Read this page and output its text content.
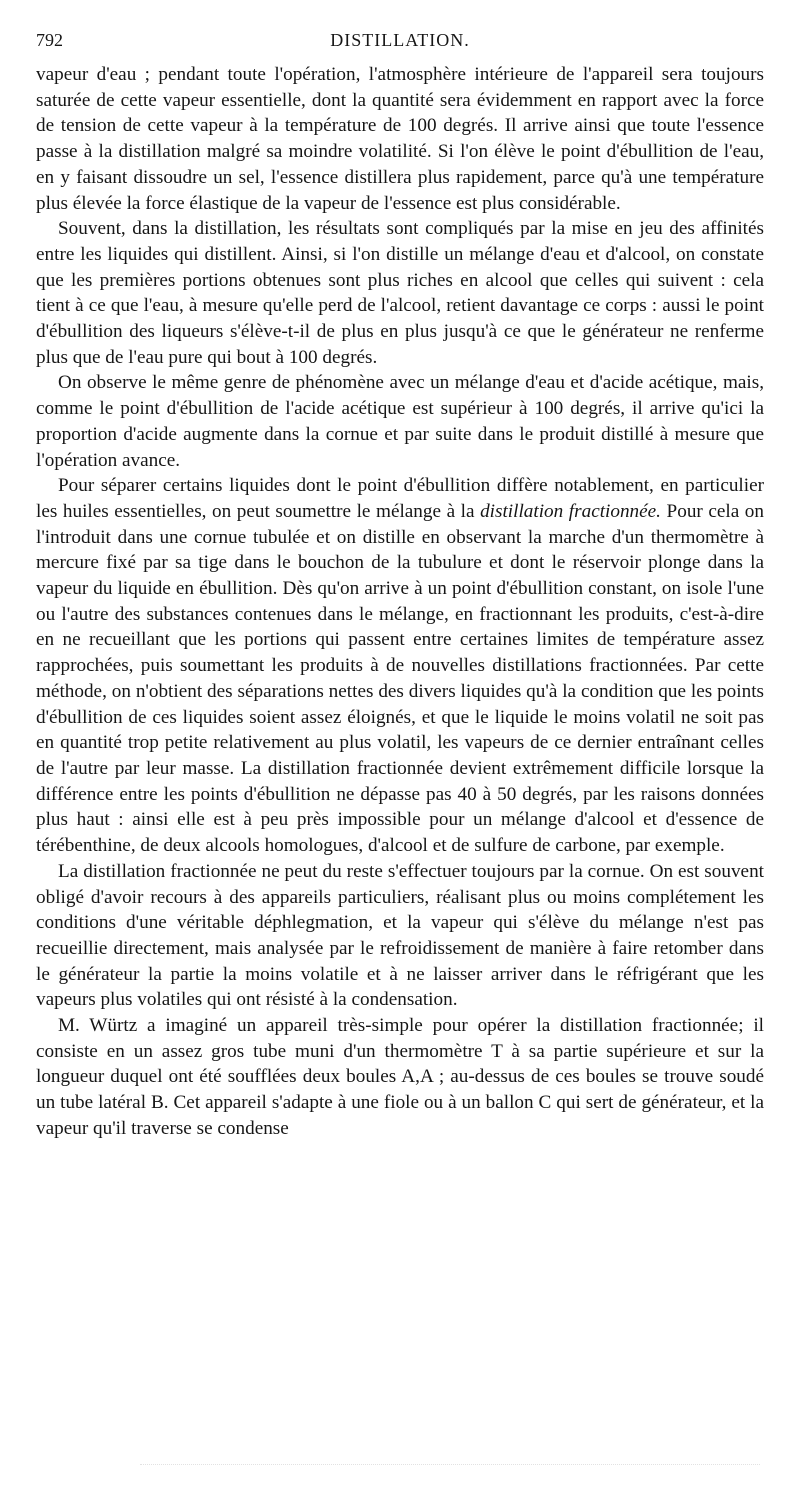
792	DISTILLATION.

vapeur d'eau ; pendant toute l'opération, l'atmosphère intérieure de l'appareil sera toujours saturée de cette vapeur essentielle, dont la quantité sera évidemment en rapport avec la force de tension de cette vapeur à la température de 100 degrés. Il arrive ainsi que toute l'essence passe à la distillation malgré sa moindre volatilité. Si l'on élève le point d'ébullition de l'eau, en y faisant dissoudre un sel, l'essence distillera plus rapidement, parce qu'à une température plus élevée la force élastique de la vapeur de l'essence est plus considérable.

Souvent, dans la distillation, les résultats sont compliqués par la mise en jeu des affinités entre les liquides qui distillent. Ainsi, si l'on distille un mélange d'eau et d'alcool, on constate que les premières portions obtenues sont plus riches en alcool que celles qui suivent : cela tient à ce que l'eau, à mesure qu'elle perd de l'alcool, retient davantage ce corps : aussi le point d'ébullition des liqueurs s'élève-t-il de plus en plus jusqu'à ce que le générateur ne renferme plus que de l'eau pure qui bout à 100 degrés.

On observe le même genre de phénomène avec un mélange d'eau et d'acide acétique, mais, comme le point d'ébullition de l'acide acétique est supérieur à 100 degrés, il arrive qu'ici la proportion d'acide augmente dans la cornue et par suite dans le produit distillé à mesure que l'opération avance.

Pour séparer certains liquides dont le point d'ébullition diffère notablement, en particulier les huiles essentielles, on peut soumettre le mélange à la distillation fractionnée. Pour cela on l'introduit dans une cornue tubulée et on distille en observant la marche d'un thermomètre à mercure fixé par sa tige dans le bouchon de la tubulure et dont le réservoir plonge dans la vapeur du liquide en ébullition. Dès qu'on arrive à un point d'ébullition constant, on isole l'une ou l'autre des substances contenues dans le mélange, en fractionnant les produits, c'est-à-dire en ne recueillant que les portions qui passent entre certaines limites de température assez rapprochées, puis soumettant les produits à de nouvelles distillations fractionnées. Par cette méthode, on n'obtient des séparations nettes des divers liquides qu'à la condition que les points d'ébullition de ces liquides soient assez éloignés, et que le liquide le moins volatil ne soit pas en quantité trop petite relativement au plus volatil, les vapeurs de ce dernier entraînant celles de l'autre par leur masse. La distillation fractionnée devient extrêmement difficile lorsque la différence entre les points d'ébullition ne dépasse pas 40 à 50 degrés, par les raisons données plus haut : ainsi elle est à peu près impossible pour un mélange d'alcool et d'essence de térébenthine, de deux alcools homologues, d'alcool et de sulfure de carbone, par exemple.

La distillation fractionnée ne peut du reste s'effectuer toujours par la cornue. On est souvent obligé d'avoir recours à des appareils particuliers, réalisant plus ou moins complétement les conditions d'une véritable déphlegmation, et la vapeur qui s'élève du mélange n'est pas recueillie directement, mais analysée par le refroidissement de manière à faire retomber dans le générateur la partie la moins volatile et à ne laisser arriver dans le réfrigérant que les vapeurs plus volatiles qui ont résisté à la condensation.

M. Würtz a imaginé un appareil très-simple pour opérer la distillation fractionnée; il consiste en un assez gros tube muni d'un thermomètre T à sa partie supérieure et sur la longueur duquel ont été soufflées deux boules A,A ; au-dessus de ces boules se trouve soudé un tube latéral B. Cet appareil s'adapte à une fiole ou à un ballon C qui sert de générateur, et la vapeur qu'il traverse se condense
